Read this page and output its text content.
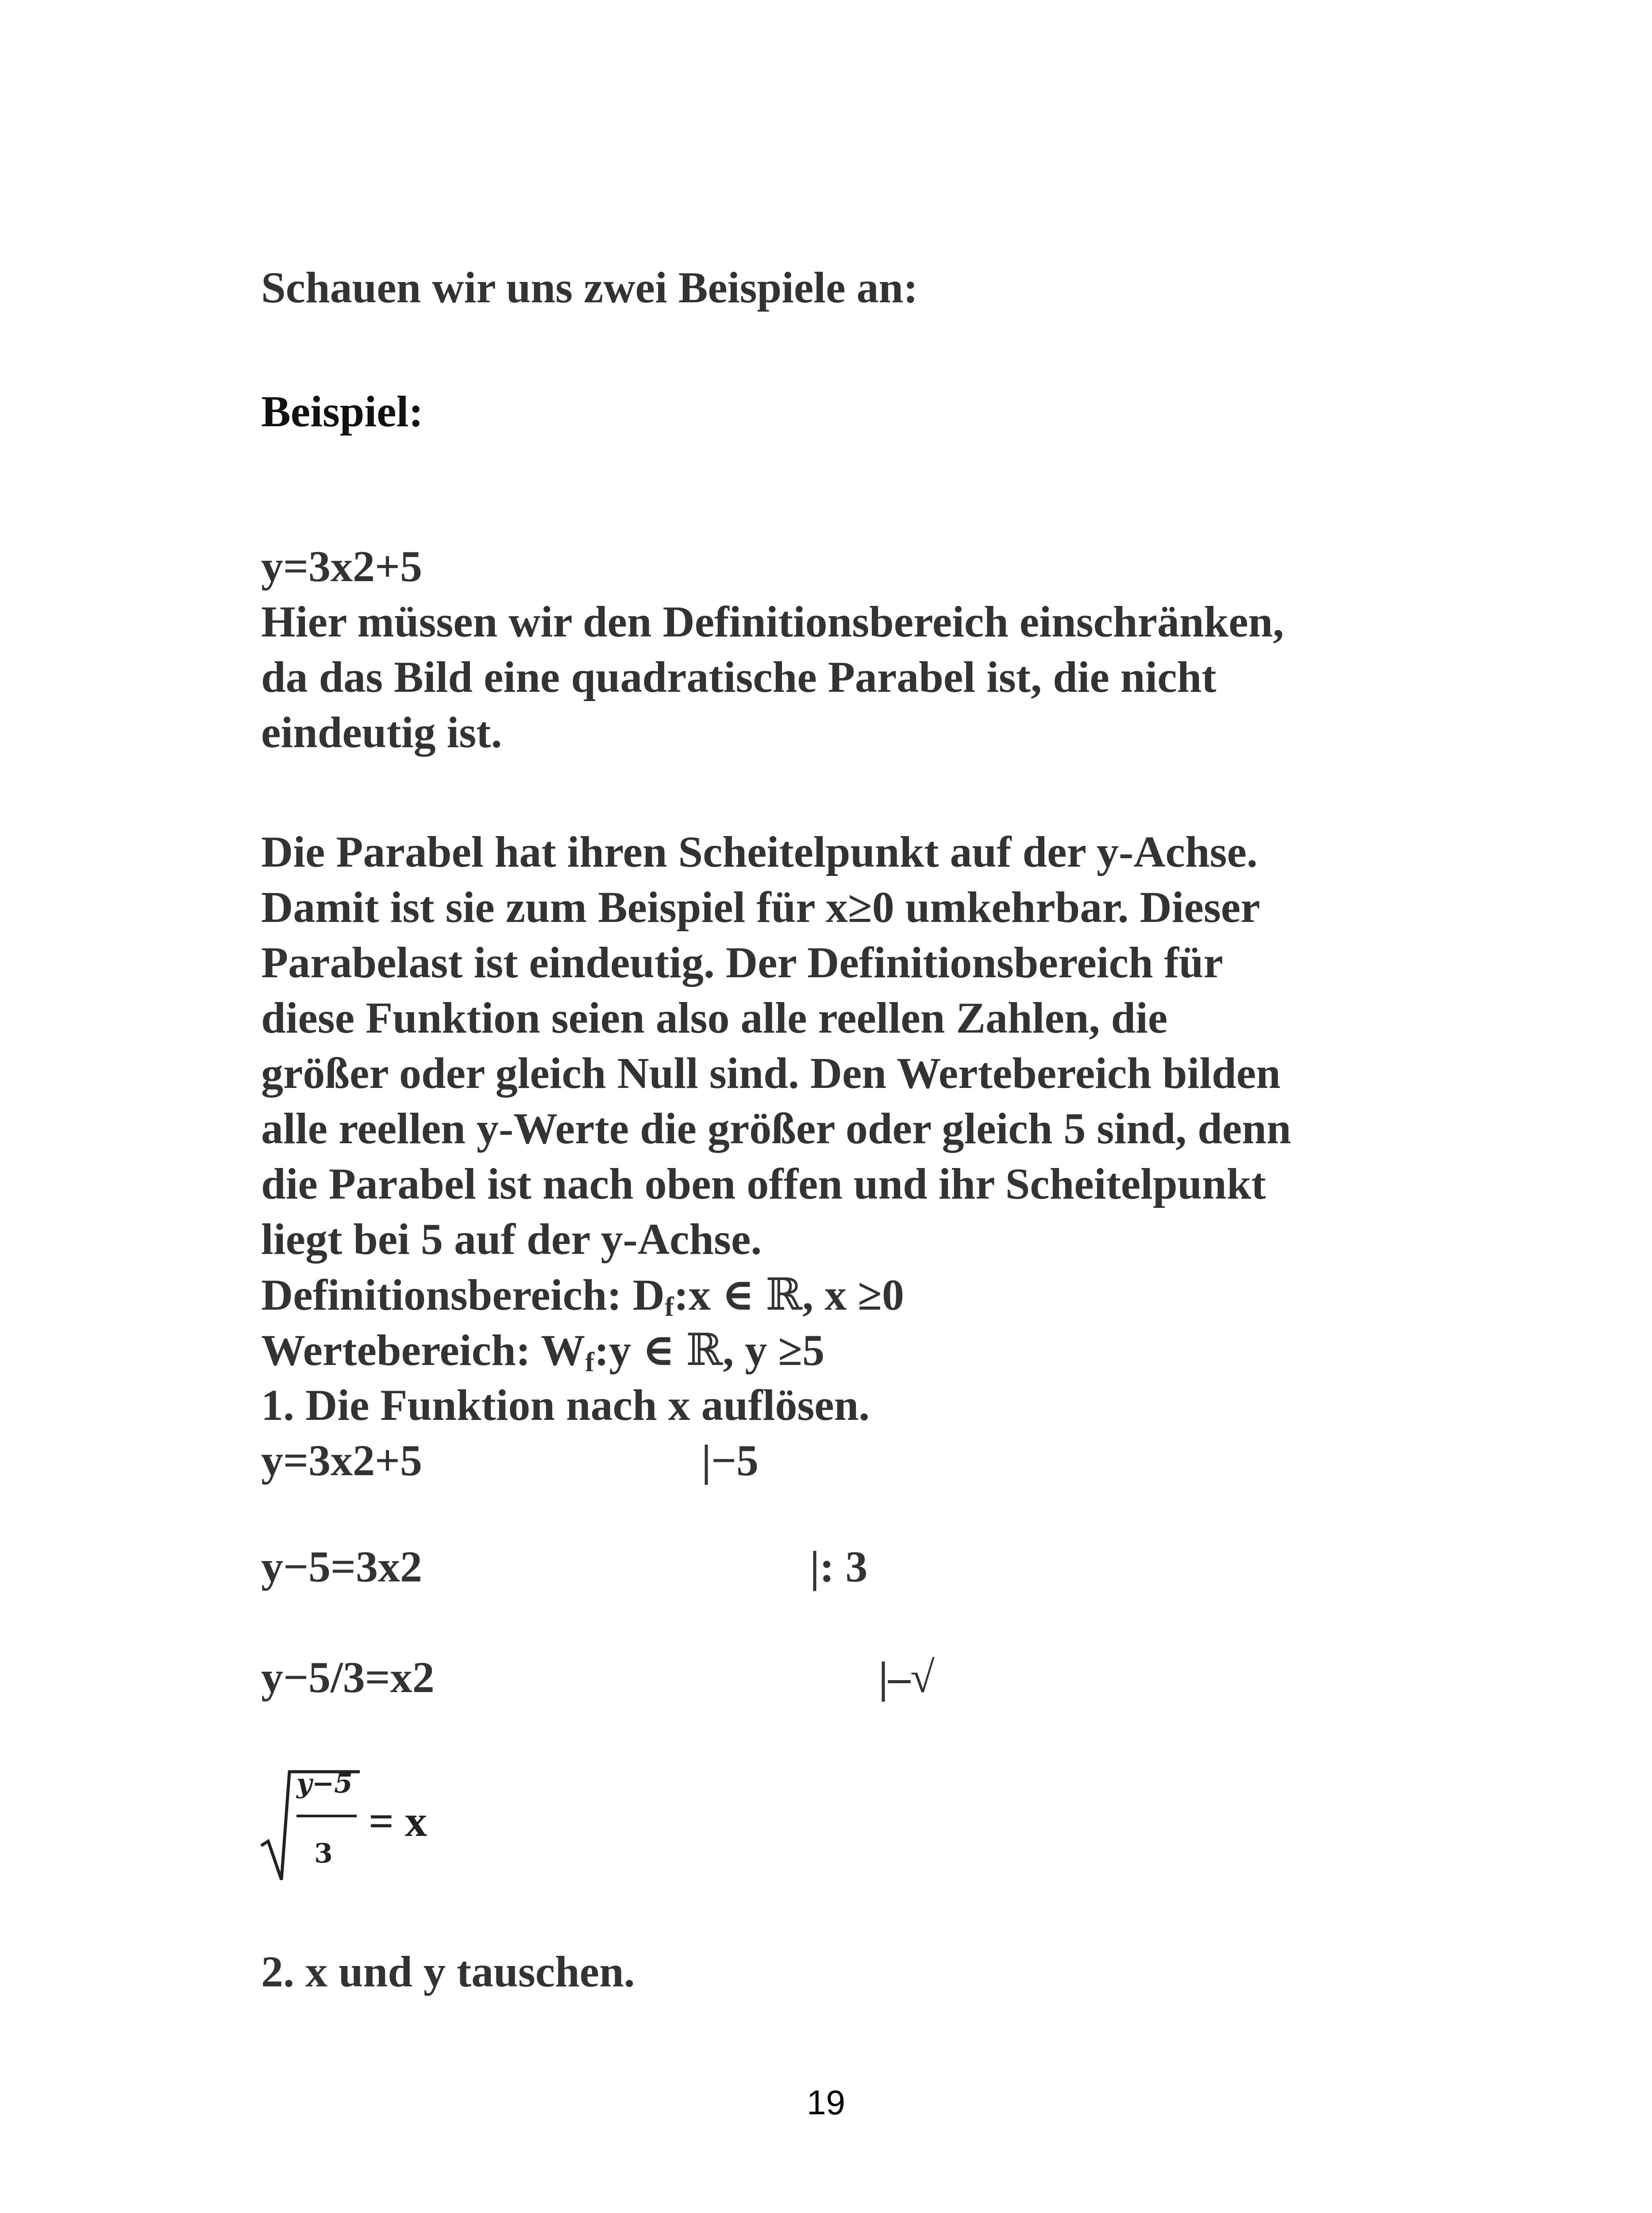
Schauen wir uns zwei Beispiele an:
Beispiel:
y=3x2+5
Hier müssen wir den Definitionsbereich einschränken,
da das Bild eine quadratische Parabel ist, die nicht
eindeutig ist.
Die Parabel hat ihren Scheitelpunkt auf der y-Achse.
Damit ist sie zum Beispiel für x≥0 umkehrbar. Dieser
Parabelast ist eindeutig. Der Definitionsbereich für
diese Funktion seien also alle reellen Zahlen, die
größer oder gleich Null sind. Den Wertebereich bilden
alle reellen y-Werte die größer oder gleich 5 sind, denn
die Parabel ist nach oben offen und ihr Scheitelpunkt
liegt bei 5 auf der y-Achse.
Definitionsbereich: Df:x ∈ ℝ, x ≥0
Wertebereich: Wf:y ∈ ℝ, y ≥5
1. Die Funktion nach x auflösen.
y=3x2+5	|−5
y−5=3x2	|: 3
y−5/3=x2	|–√
y−5
3
= x
2. x und y tauschen.
19
